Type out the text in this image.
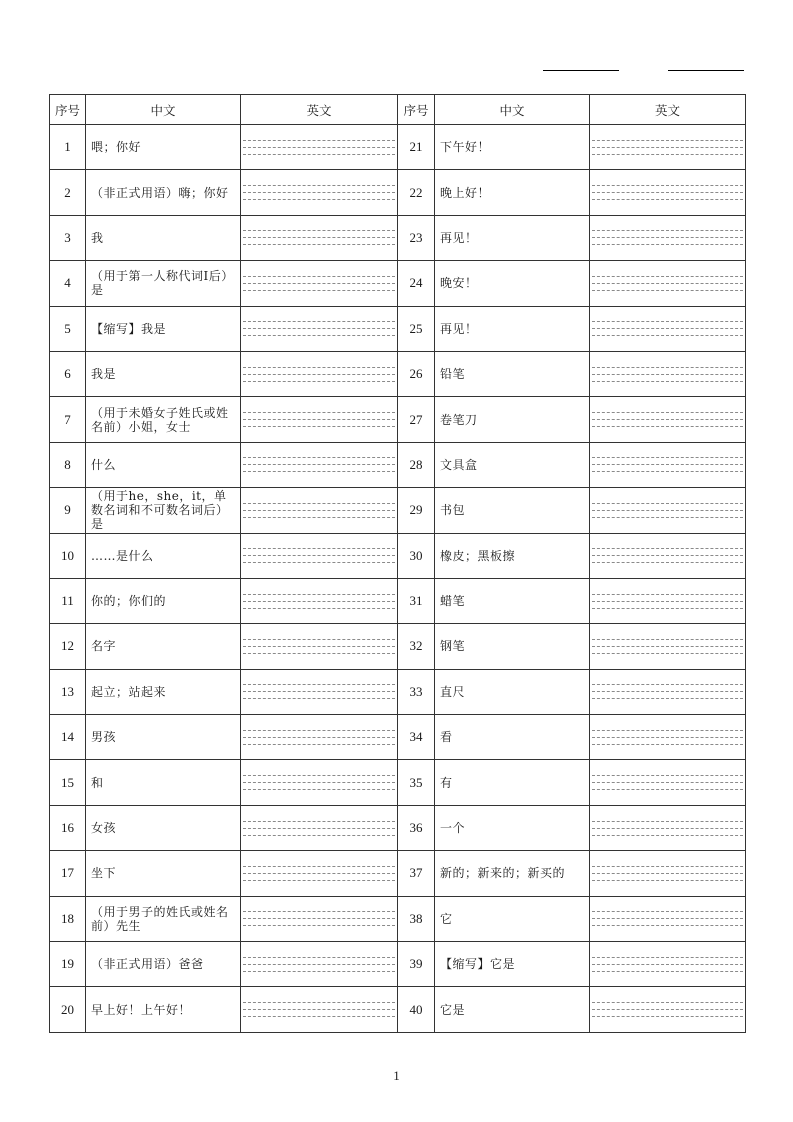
序号	中文	英文	序号	中文	英文
1	喂；你好		21	下午好！	

2	（非正式用语）嗨；你好		22	晚上好！	

3	我		23	再见！	

4	（用于第一人称代词I后）是		24	晚安！	

5	【缩写】我是		25	再见！	

6	我是		26	铅笔	

7	（用于未婚女子姓氏或姓名前）小姐，女士		27	卷笔刀	

8	什么		28	文具盒	

9	（用于he，she，it，单数名词和不可数名词后）是		29	书包	

10	……是什么		30	橡皮；黑板擦	

11	你的；你们的		31	蜡笔	

12	名字		32	钢笔	

13	起立；站起来		33	直尺	

14	男孩		34	看	

15	和		35	有	

16	女孩		36	一个	

17	坐下		37	新的；新来的；新买的	

18	（用于男子的姓氏或姓名前）先生		38	它	

19	（非正式用语）爸爸		39	【缩写】它是	

20	早上好！上午好！		40	它是	
1
